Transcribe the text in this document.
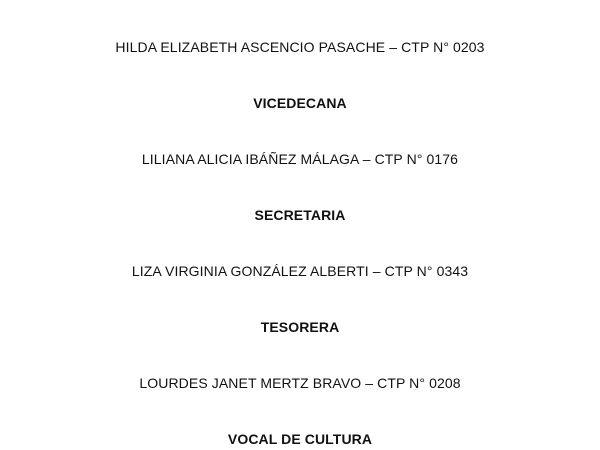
HILDA ELIZABETH ASCENCIO PASACHE – CTP N° 0203
VICEDECANA
LILIANA ALICIA IBÁÑEZ MÁLAGA – CTP N° 0176
SECRETARIA
LIZA VIRGINIA GONZÁLEZ ALBERTI – CTP N° 0343
TESORERA
LOURDES JANET MERTZ BRAVO – CTP N° 0208
VOCAL DE CULTURA
